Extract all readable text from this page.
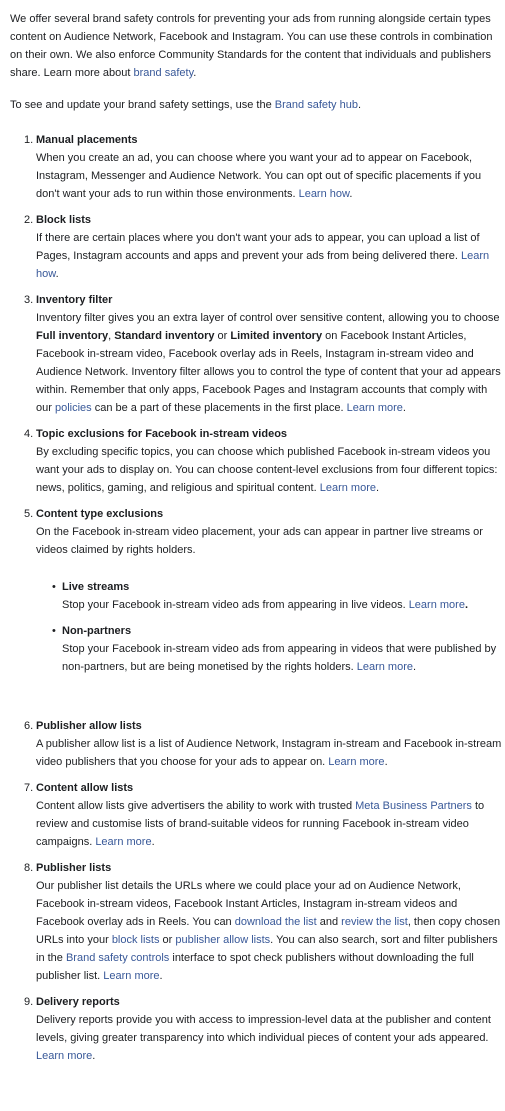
We offer several brand safety controls for preventing your ads from running alongside certain types content on Audience Network, Facebook and Instagram. You can use these controls in combination on their own. We also enforce Community Standards for the content that individuals and publishers share. Learn more about brand safety.

To see and update your brand safety settings, use the Brand safety hub.

1. Manual placements
When you create an ad, you can choose where you want your ad to appear on Facebook, Instagram, Messenger and Audience Network. You can opt out of specific placements if you don't want your ads to run within those environments. Learn how.
2. Block lists
If there are certain places where you don't want your ads to appear, you can upload a list of Pages, Instagram accounts and apps and prevent your ads from being delivered there. Learn how.
3. Inventory filter
Inventory filter gives you an extra layer of control over sensitive content, allowing you to choose Full inventory, Standard inventory or Limited inventory on Facebook Instant Articles, Facebook in-stream video, Facebook overlay ads in Reels, Instagram in-stream video and Audience Network. Inventory filter allows you to control the type of content that your ad appears within. Remember that only apps, Facebook Pages and Instagram accounts that comply with our policies can be a part of these placements in the first place. Learn more.
4. Topic exclusions for Facebook in-stream videos
By excluding specific topics, you can choose which published Facebook in-stream videos you want your ads to display on. You can choose content-level exclusions from four different topics: news, politics, gaming, and religious and spiritual content. Learn more.
5. Content type exclusions
On the Facebook in-stream video placement, your ads can appear in partner live streams or videos claimed by rights holders.
• Live streams
Stop your Facebook in-stream video ads from appearing in live videos. Learn more.
• Non-partners
Stop your Facebook in-stream video ads from appearing in videos that were published by non-partners, but are being monetised by the rights holders. Learn more.
6. Publisher allow lists
A publisher allow list is a list of Audience Network, Instagram in-stream and Facebook in-stream video publishers that you choose for your ads to appear on. Learn more.
7. Content allow lists
Content allow lists give advertisers the ability to work with trusted Meta Business Partners to review and customise lists of brand-suitable videos for running Facebook in-stream video campaigns. Learn more.
8. Publisher lists
Our publisher list details the URLs where we could place your ad on Audience Network, Facebook in-stream videos, Facebook Instant Articles, Instagram in-stream videos and Facebook overlay ads in Reels. You can download the list and review the list, then copy chosen URLs into your block lists or publisher allow lists. You can also search, sort and filter publishers in the Brand safety controls interface to spot check publishers without downloading the full publisher list. Learn more.
9. Delivery reports
Delivery reports provide you with access to impression-level data at the publisher and content levels, giving greater transparency into which individual pieces of content your ads appeared. Learn more.
